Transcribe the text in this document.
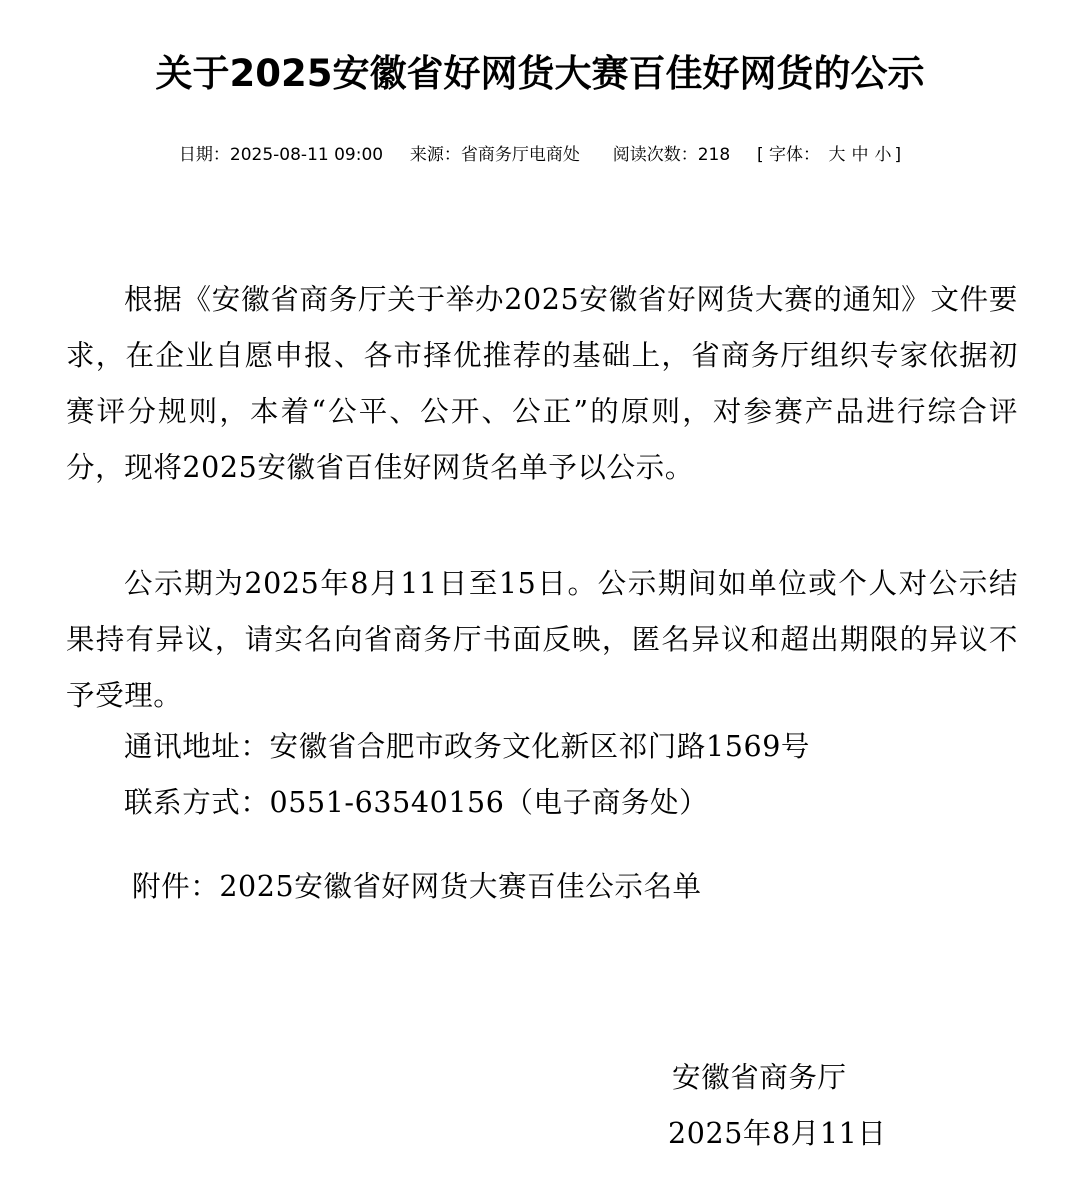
关于2025安徽省好网货大赛百佳好网货的公示
日期：2025-08-11 09:00 来源：省商务厅电商处 阅读次数：218 [ 字体： 大 中 小 ]

根据《安徽省商务厅关于举办2025安徽省好网货大赛的通知》文件要求，在企业自愿申报、各市择优推荐的基础上，省商务厅组织专家依据初赛评分规则，本着“公平、公开、公正”的原则，对参赛产品进行综合评分，现将2025安徽省百佳好网货名单予以公示。

公示期为2025年8月11日至15日。公示期间如单位或个人对公示结果持有异议，请实名向省商务厅书面反映，匿名异议和超出期限的异议不予受理。

通讯地址：安徽省合肥市政务文化新区祁门路1569号

联系方式：0551-63540156（电子商务处）

附件：2025安徽省好网货大赛百佳公示名单

安徽省商务厅

2025年8月11日
